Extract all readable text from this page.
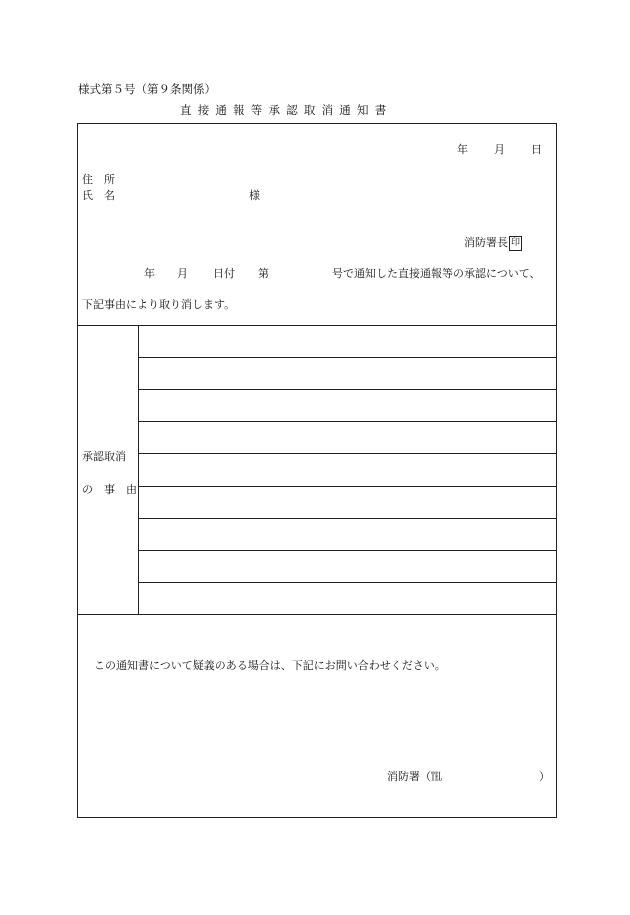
様式第５号（第９条関係）
直接通報等承認取消通知書
年 月 日
住　所
氏　名	様
消防署長 印
年 月 日付 第	号で通知した直接通報等の承認について、
下記事由により取り消します。
承認取消
の　事　由
この通知書について疑義のある場合は、下記にお問い合わせください。
消防署（℡	）
